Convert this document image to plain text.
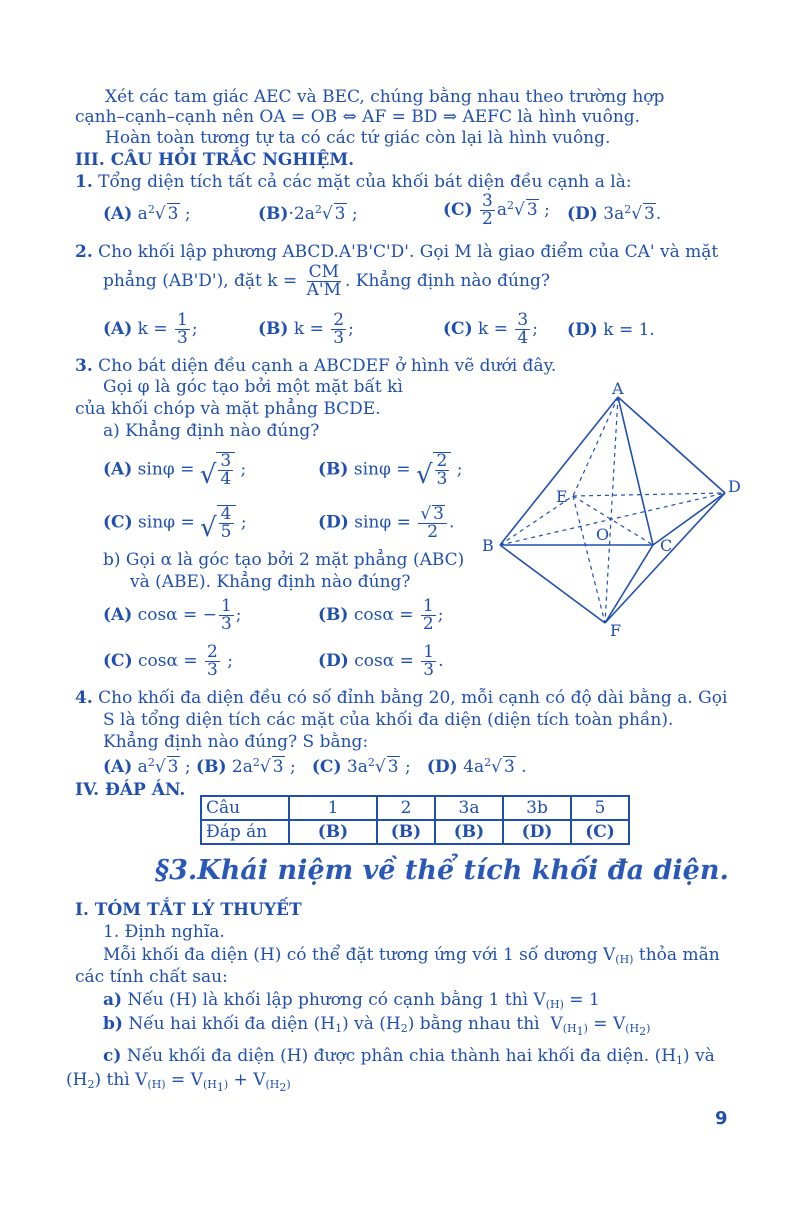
Xét các tam giác AEC và BEC, chúng bằng nhau theo trường hợp
cạnh–cạnh–cạnh nên OA = OB ⇔ AF = BD ⇒ AEFC là hình vuông.
Hoàn toàn tương tự ta có các tứ giác còn lại là hình vuông.
III. CÂU HỎI TRẮC NGHIỆM.
1. Tổng diện tích tất cả các mặt của khối bát diện đều cạnh a là:
(A) $a^2√$ 3 ;	$(B)\cdot 2a^2√$ 3 ;	$(C) \frac{3}{2} a^2√$ 3 ; (D) $3a^2√$ 3.
2. Cho khối lập phương ABCD.A'B'C'D'. Gọi M là giao điểm của CA' và mặt
phẳng (AB'D'), đặt $k = \frac{CM}{A'M}$ . Khẳng định nào đúng?
(A) $k = \frac{1}{3}$ ;	(B) $k = \frac{2}{3}$ ;	(C) $k = \frac{3}{4}$ ; (D) k = 1.
3. Cho bát diện đều cạnh a ABCDEF ở hình vẽ dưới đây.
Gọi φ là góc tạo bởi một mặt bất kì
của khối chóp và mặt phẳng BCDE.
a) Khẳng định nào đúng?
(A) sinφ = √ $\frac{3}{4}$ ;	(B) sinφ = √ $\frac{2}{3}$ ;
(C) sinφ = √ $\frac{4}{5}$ ;	(D) $\sin\varphi = \frac{√ 3}{2}$ .
b) Gọi α là góc tạo bởi 2 mặt phẳng (ABC)
và (ABE). Khẳng định nào đúng?
(A) cosα = − $\frac{1}{3}$ ;	(B) $\cos\alpha = \frac{1}{2}$ ;
(C) $\cos\alpha = \frac{2}{3}$ ;	(D) $\cos\alpha = \frac{1}{3}$ .
A
B	C
D
E
F
O
4. Cho khối đa diện đều có số đỉnh bằng 20, mỗi cạnh có độ dài bằng a. Gọi
S là tổng diện tích các mặt của khối đa diện (diện tích toàn phần).
Khẳng định nào đúng? S bằng:
(A) $a^2√$ 3 ; (B) $2a^2√$ 3 ;   (C) $3a^2√$ 3 ;   (D) $4a^2√$ 3 .
IV. ĐÁP ÁN.
Câu	1	2	3a	3b	5
Đáp án	(B)	(B)	(B)	(D)	(C)
§3.Khái niệm về thể tích khối đa diện.
I. TÓM TẮT LÝ THUYẾT
1. Định nghĩa.
Mỗi khối đa diện (H) có thể đặt tương ứng với 1 số dương $V_{(H)}$ thỏa mãn
các tính chất sau:
a) Nếu (H) là khối lập phương có cạnh bằng 1 thì $V_{(H)} = 1$
b) Nếu hai khối đa diện $(H_1)$ và $(H_2)$ bằng nhau thì  $V_{(H_1)} = V_{(H_2)}$
c) Nếu khối đa diện (H) được phân chia thành hai khối đa diện. $(H_1)$ và
$(H_2)$ thì $V_{(H)} = V_{(H_1)} + V_{(H_2)}$
9
